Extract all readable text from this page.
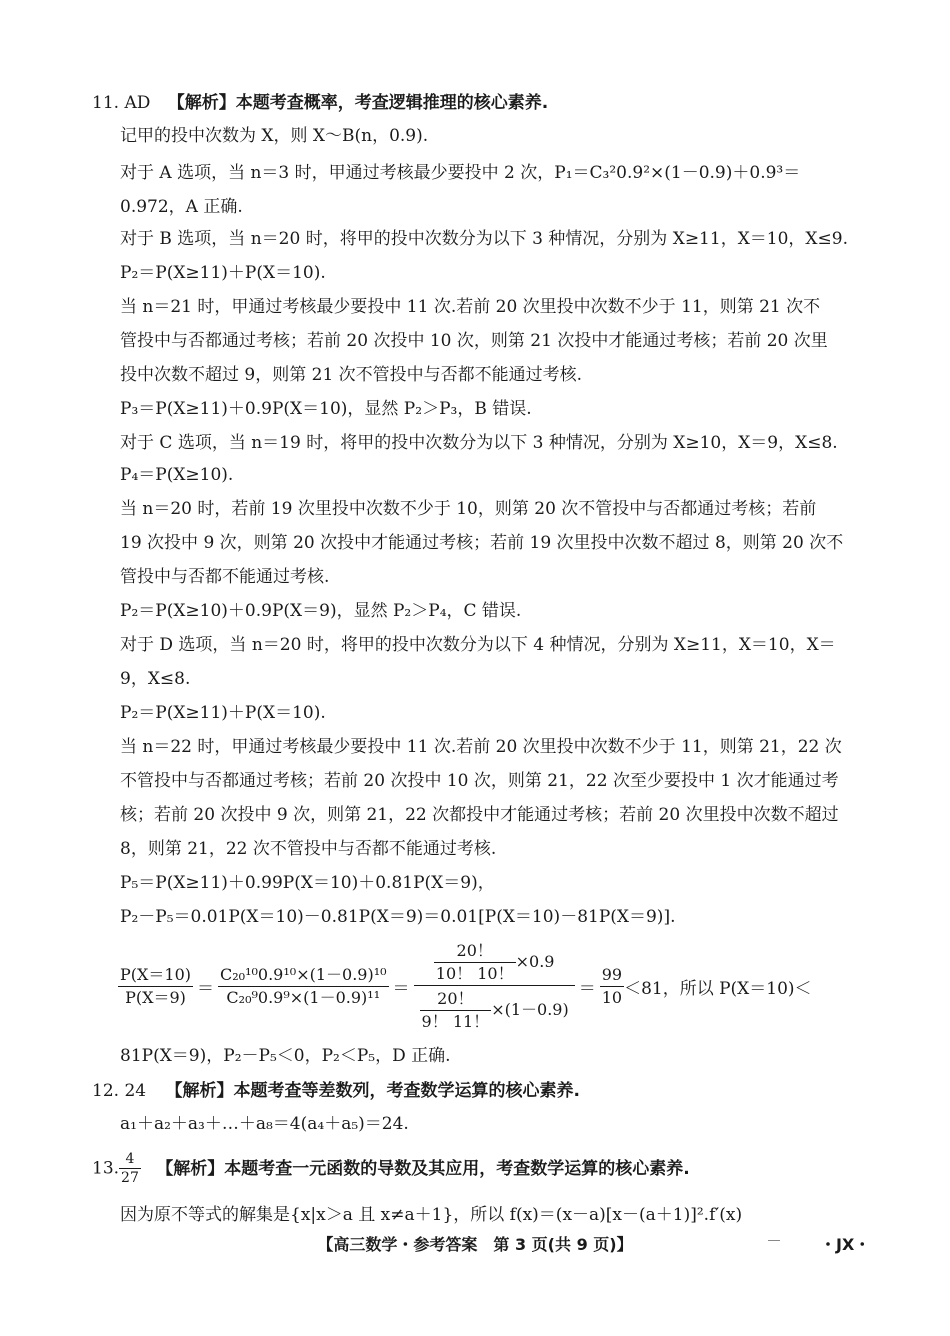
11. AD 【解析】本题考查概率，考查逻辑推理的核心素养.
记甲的投中次数为 X，则 X～B(n，0.9).
对于 A 选项，当 n＝3 时，甲通过考核最少要投中 2 次，P₁＝C₃²0.9²×(1－0.9)＋0.9³＝
0.972，A 正确.
对于 B 选项，当 n＝20 时，将甲的投中次数分为以下 3 种情况，分别为 X≥11，X＝10，X≤9.
P₂＝P(X≥11)＋P(X＝10).
当 n＝21 时，甲通过考核最少要投中 11 次.若前 20 次里投中次数不少于 11，则第 21 次不
管投中与否都通过考核；若前 20 次投中 10 次，则第 21 次投中才能通过考核；若前 20 次里
投中次数不超过 9，则第 21 次不管投中与否都不能通过考核.
P₃＝P(X≥11)＋0.9P(X＝10)，显然 P₂＞P₃，B 错误.
对于 C 选项，当 n＝19 时，将甲的投中次数分为以下 3 种情况，分别为 X≥10，X＝9，X≤8.
P₄＝P(X≥10).
当 n＝20 时，若前 19 次里投中次数不少于 10，则第 20 次不管投中与否都通过考核；若前
19 次投中 9 次，则第 20 次投中才能通过考核；若前 19 次里投中次数不超过 8，则第 20 次不
管投中与否都不能通过考核.
P₂＝P(X≥10)＋0.9P(X＝9)，显然 P₂＞P₄，C 错误.
对于 D 选项，当 n＝20 时，将甲的投中次数分为以下 4 种情况，分别为 X≥11，X＝10，X＝
9，X≤8.
P₂＝P(X≥11)＋P(X＝10).
当 n＝22 时，甲通过考核最少要投中 11 次.若前 20 次里投中次数不少于 11，则第 21，22 次
不管投中与否都通过考核；若前 20 次投中 10 次，则第 21，22 次至少要投中 1 次才能通过考
核；若前 20 次投中 9 次，则第 21，22 次都投中才能通过考核；若前 20 次里投中次数不超过
8，则第 21，22 次不管投中与否都不能通过考核.
P₅＝P(X≥11)＋0.99P(X＝10)＋0.81P(X＝9)，
P₂－P₅＝0.01P(X＝10)－0.81P(X＝9)＝0.01[P(X＝10)－81P(X＝9)].
$\frac{P(X=10)}{P(X=9)} = \frac{\text{C₂₀¹⁰0.9¹⁰×(1－0.9)¹⁰}}{\text{C₂₀⁹0.9⁹×(1－0.9)¹¹}} = \frac{\frac{20!}{10! 10!} \times 0.9}{\frac{20!}{9! 11!} \times(1-0.9)} = \frac{99}{10} <81$，所以 P(X＝10)＜
81P(X＝9)，P₂－P₅＜0，P₂＜P₅，D 正确.
12. 24 【解析】本题考查等差数列，考查数学运算的核心素养.
a₁＋a₂＋a₃＋…＋a₈＝4(a₄＋a₅)＝24.
13. $\frac{4}{27}$ 【解析】本题考查一元函数的导数及其应用，考查数学运算的核心素养.
因为原不等式的解集是{x|x＞a 且 x≠a＋1}，所以 f(x)＝(x－a)[x－(a＋1)]².f′(x)
【高三数学・参考答案　第 3 页(共 9 页)】	・JX・
